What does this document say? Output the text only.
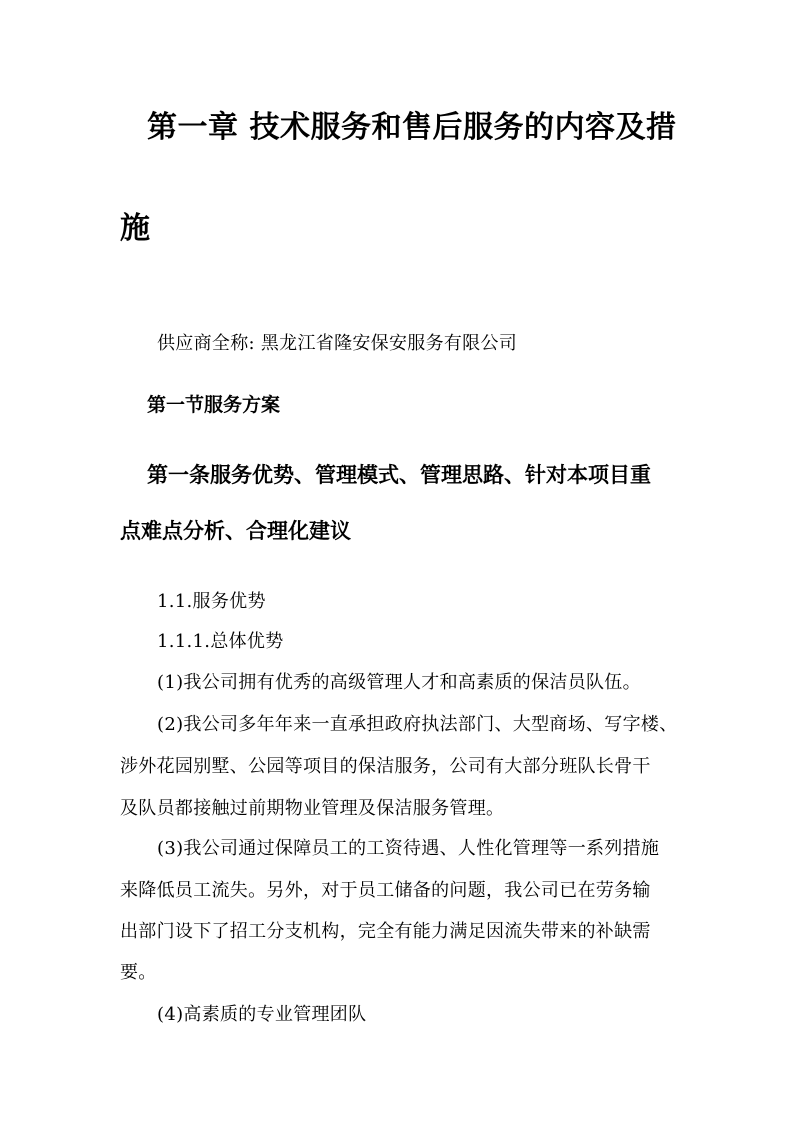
第一章 技术服务和售后服务的内容及措
施
供应商全称: 黑龙江省隆安保安服务有限公司
第一节服务方案
第一条服务优势、管理模式、管理思路、针对本项目重
点难点分析、合理化建议
1.1.服务优势
1.1.1.总体优势
(1)我公司拥有优秀的高级管理人才和高素质的保洁员队伍。
(2)我公司多年年来一直承担政府执法部门、大型商场、写字楼、
涉外花园别墅、公园等项目的保洁服务，公司有大部分班队长骨干
及队员都接触过前期物业管理及保洁服务管理。
(3)我公司通过保障员工的工资待遇、人性化管理等一系列措施
来降低员工流失。另外，对于员工储备的问题，我公司已在劳务输
出部门设下了招工分支机构，完全有能力满足因流失带来的补缺需
要。
(4)高素质的专业管理团队
